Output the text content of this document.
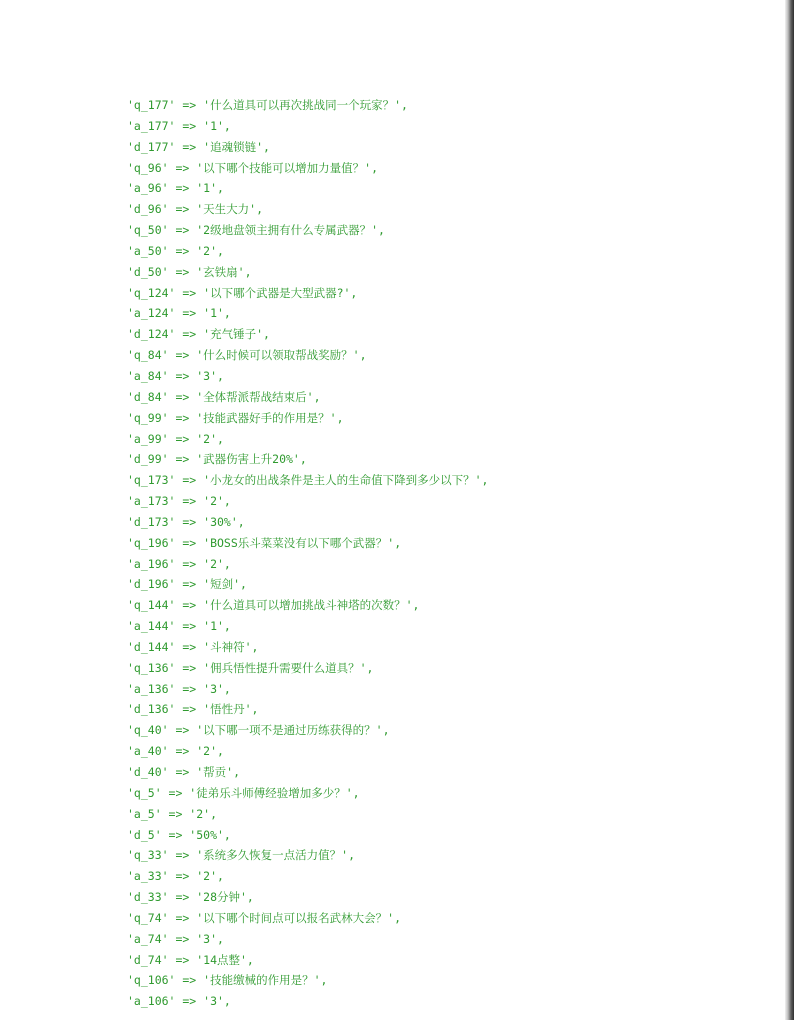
'q_177' => '什么道具可以再次挑战同一个玩家？',
'a_177' => '1',
'd_177' => '追魂锁链',
'q_96' => '以下哪个技能可以增加力量值？',
'a_96' => '1',
'd_96' => '天生大力',
'q_50' => '2级地盘领主拥有什么专属武器？',
'a_50' => '2',
'd_50' => '玄铁扇',
'q_124' => '以下哪个武器是大型武器?',
'a_124' => '1',
'd_124' => '充气锤子',
'q_84' => '什么时候可以领取帮战奖励？',
'a_84' => '3',
'd_84' => '全体帮派帮战结束后',
'q_99' => '技能武器好手的作用是？',
'a_99' => '2',
'd_99' => '武器伤害上升20%',
'q_173' => '小龙女的出战条件是主人的生命值下降到多少以下？',
'a_173' => '2',
'd_173' => '30%',
'q_196' => 'BOSS乐斗菜菜没有以下哪个武器？',
'a_196' => '2',
'd_196' => '短剑',
'q_144' => '什么道具可以增加挑战斗神塔的次数？',
'a_144' => '1',
'd_144' => '斗神符',
'q_136' => '佣兵悟性提升需要什么道具？',
'a_136' => '3',
'd_136' => '悟性丹',
'q_40' => '以下哪一项不是通过历练获得的？',
'a_40' => '2',
'd_40' => '帮贡',
'q_5' => '徒弟乐斗师傅经验增加多少？',
'a_5' => '2',
'd_5' => '50%',
'q_33' => '系统多久恢复一点活力值？',
'a_33' => '2',
'd_33' => '28分钟',
'q_74' => '以下哪个时间点可以报名武林大会？',
'a_74' => '3',
'd_74' => '14点整',
'q_106' => '技能缴械的作用是？',
'a_106' => '3',
